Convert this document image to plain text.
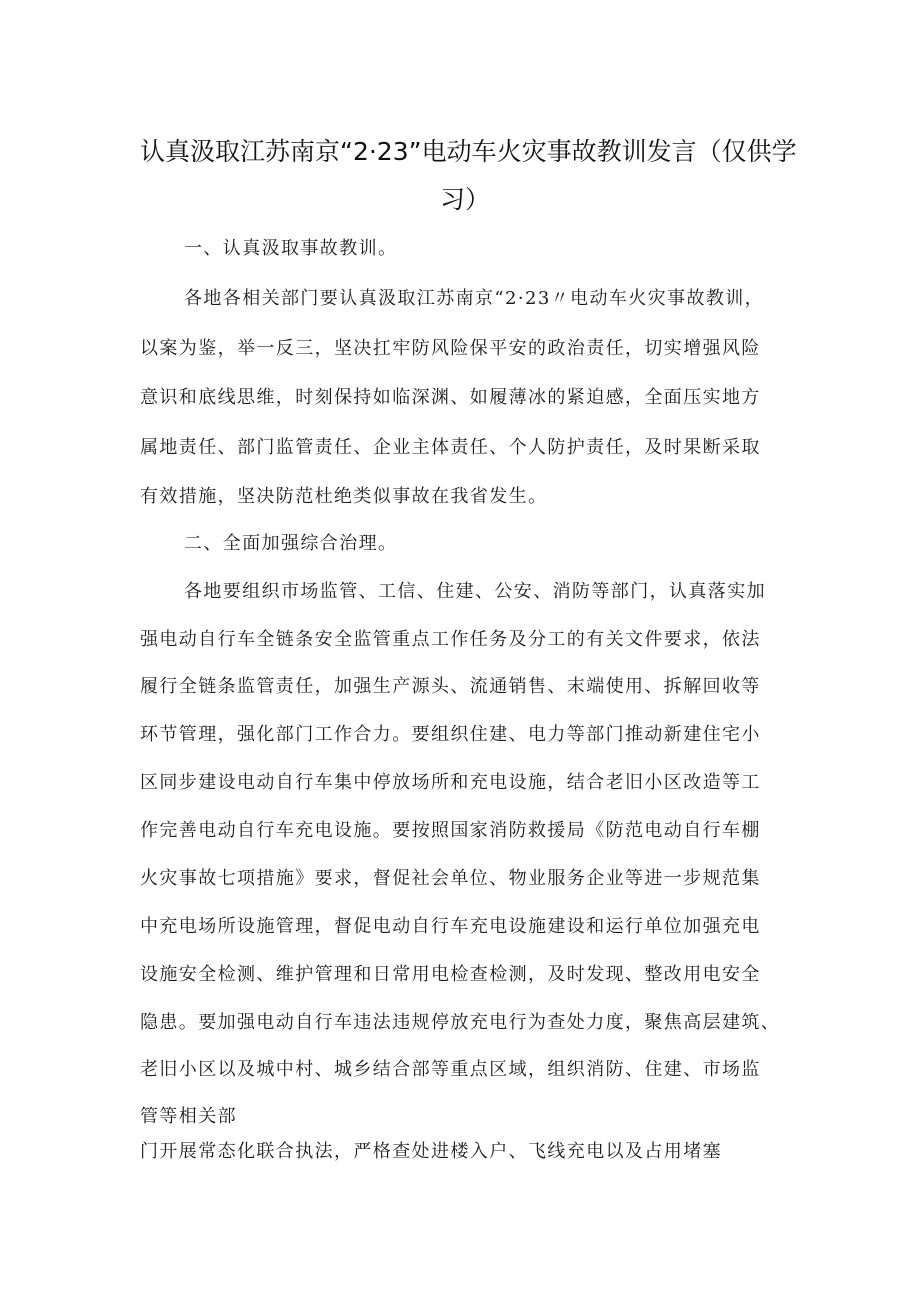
认真汲取江苏南京“2·23”电动车火灾事故教训发言（仅供学
习）
一、认真汲取事故教训。
各地各相关部门要认真汲取江苏南京“2·23〃电动车火灾事故教训，
以案为鉴，举一反三，坚决扛牢防风险保平安的政治责任，切实增强风险
意识和底线思维，时刻保持如临深渊、如履薄冰的紧迫感，全面压实地方
属地责任、部门监管责任、企业主体责任、个人防护责任，及时果断采取
有效措施，坚决防范杜绝类似事故在我省发生。
二、全面加强综合治理。
各地要组织市场监管、工信、住建、公安、消防等部门，认真落实加
强电动自行车全链条安全监管重点工作任务及分工的有关文件要求，依法
履行全链条监管责任，加强生产源头、流通销售、末端使用、拆解回收等
环节管理，强化部门工作合力。要组织住建、电力等部门推动新建住宅小
区同步建设电动自行车集中停放场所和充电设施，结合老旧小区改造等工
作完善电动自行车充电设施。要按照国家消防救援局《防范电动自行车棚
火灾事故七项措施》要求，督促社会单位、物业服务企业等进一步规范集
中充电场所设施管理，督促电动自行车充电设施建设和运行单位加强充电
设施安全检测、维护管理和日常用电检查检测，及时发现、整改用电安全
隐患。要加强电动自行车违法违规停放充电行为查处力度，聚焦高层建筑、
老旧小区以及城中村、城乡结合部等重点区域，组织消防、住建、市场监
管等相关部
门开展常态化联合执法，严格查处进楼入户、飞线充电以及占用堵塞
